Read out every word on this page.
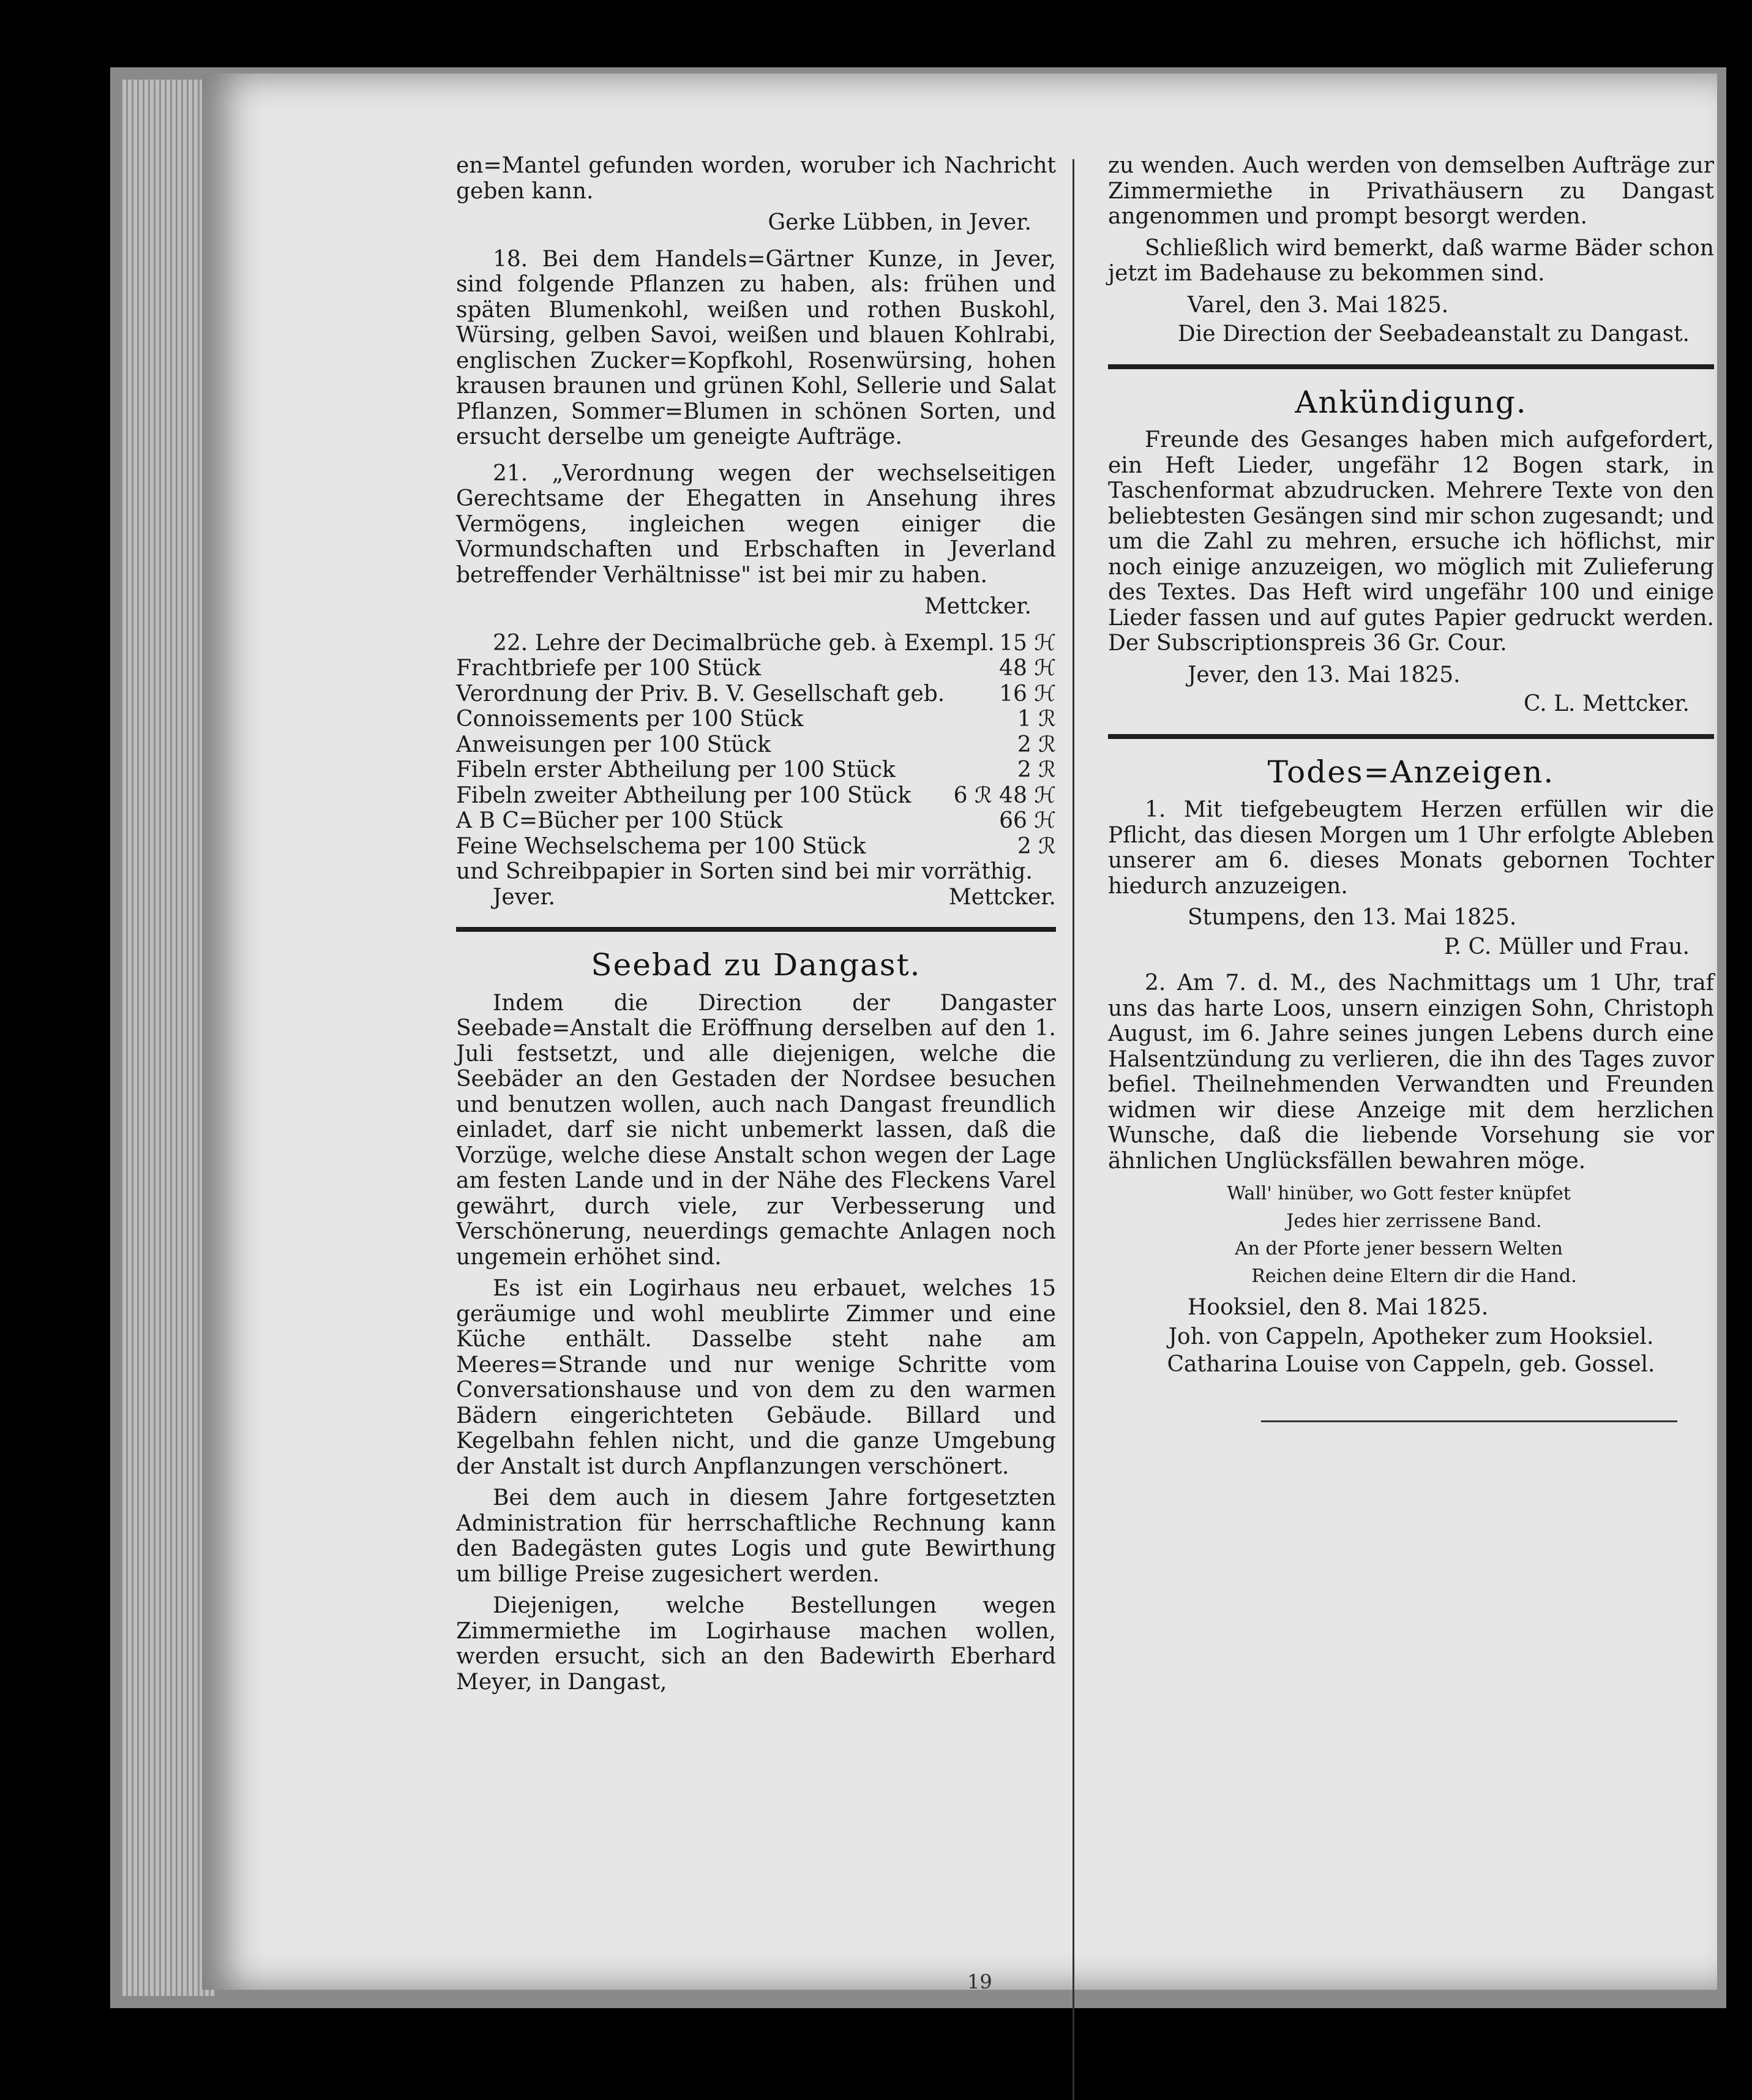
en=Mantel gefunden worden, woruber ich Nachricht geben kann.

Gerke Lübben, in Jever.

18. Bei dem Handels=Gärtner Kunze, in Jever, sind folgende Pflanzen zu haben, als: frühen und späten Blumenkohl, weißen und rothen Buskohl, Würsing, gelben Savoi, weißen und blauen Kohlrabi, englischen Zucker=Kopfkohl, Rosenwürsing, hohen krausen braunen und grünen Kohl, Sellerie und Salat Pflanzen, Sommer=Blumen in schönen Sorten, und ersucht derselbe um geneigte Aufträge.

21. „Verordnung wegen der wechselseitigen Gerechtsame der Ehegatten in Ansehung ihres Vermögens, ingleichen wegen einiger die Vormundschaften und Erbschaften in Jeverland betreffender Verhältnisse" ist bei mir zu haben.

Mettcker.

22. Lehre der Decimalbrüche geb. à Exempl. 15 ℋ
Frachtbriefe per 100 Stück	48 ℋ
Verordnung der Priv. B. V. Gesellschaft geb. 16 ℋ
Connoissements per 100 Stück	1 ℛ
Anweisungen per 100 Stück	2 ℛ
Fibeln erster Abtheilung per 100 Stück	2 ℛ
Fibeln zweiter Abtheilung per 100 Stück 6 ℛ 48 ℋ
A B C=Bücher per 100 Stück	66 ℋ
Feine Wechselschema per 100 Stück	2 ℛ

und Schreibpapier in Sorten sind bei mir vorräthig.

Jever.	Mettcker.
Seebad zu Dangast.

Indem die Direction der Dangaster Seebade=Anstalt die Eröffnung derselben auf den 1. Juli festsetzt, und alle diejenigen, welche die Seebäder an den Gestaden der Nordsee besuchen und benutzen wollen, auch nach Dangast freundlich einladet, darf sie nicht unbemerkt lassen, daß die Vorzüge, welche diese Anstalt schon wegen der Lage am festen Lande und in der Nähe des Fleckens Varel gewährt, durch viele, zur Verbesserung und Verschönerung, neuerdings gemachte Anlagen noch ungemein erhöhet sind.

Es ist ein Logirhaus neu erbauet, welches 15 geräumige und wohl meublirte Zimmer und eine Küche enthält. Dasselbe steht nahe am Meeres=Strande und nur wenige Schritte vom Conversationshause und von dem zu den warmen Bädern eingerichteten Gebäude. Billard und Kegelbahn fehlen nicht, und die ganze Umgebung der Anstalt ist durch Anpflanzungen verschönert.

Bei dem auch in diesem Jahre fortgesetzten Administration für herrschaftliche Rechnung kann den Badegästen gutes Logis und gute Bewirthung um billige Preise zugesichert werden.

Diejenigen, welche Bestellungen wegen Zimmermiethe im Logirhause machen wollen, werden ersucht, sich an den Badewirth Eberhard Meyer, in Dangast,

zu wenden. Auch werden von demselben Aufträge zur Zimmermiethe in Privathäusern zu Dangast angenommen und prompt besorgt werden.

Schließlich wird bemerkt, daß warme Bäder schon jetzt im Badehause zu bekommen sind.

Varel, den 3. Mai 1825.

Die Direction der Seebadeanstalt zu Dangast.

Ankündigung.

Freunde des Gesanges haben mich aufgefordert, ein Heft Lieder, ungefähr 12 Bogen stark, in Taschenformat abzudrucken. Mehrere Texte von den beliebtesten Gesängen sind mir schon zugesandt; und um die Zahl zu mehren, ersuche ich höflichst, mir noch einige anzuzeigen, wo möglich mit Zulieferung des Textes. Das Heft wird ungefähr 100 und einige Lieder fassen und auf gutes Papier gedruckt werden. Der Subscriptionspreis 36 Gr. Cour.

Jever, den 13. Mai 1825.

C. L. Mettcker.

Todes=Anzeigen.

1. Mit tiefgebeugtem Herzen erfüllen wir die Pflicht, das diesen Morgen um 1 Uhr erfolgte Ableben unserer am 6. dieses Monats gebornen Tochter hiedurch anzuzeigen.

Stumpens, den 13. Mai 1825.

P. C. Müller und Frau.

2. Am 7. d. M., des Nachmittags um 1 Uhr, traf uns das harte Loos, unsern einzigen Sohn, Christoph August, im 6. Jahre seines jungen Lebens durch eine Halsentzündung zu verlieren, die ihn des Tages zuvor befiel. Theilnehmenden Verwandten und Freunden widmen wir diese Anzeige mit dem herzlichen Wunsche, daß die liebende Vorsehung sie vor ähnlichen Unglücksfällen bewahren möge.

Wall' hinüber, wo Gott fester knüpfet
Jedes hier zerrissene Band.
An der Pforte jener bessern Welten
Reichen deine Eltern dir die Hand.

Hooksiel, den 8. Mai 1825.

Joh. von Cappeln, Apotheker zum Hooksiel.

Catharina Louise von Cappeln, geb. Gossel.

19
